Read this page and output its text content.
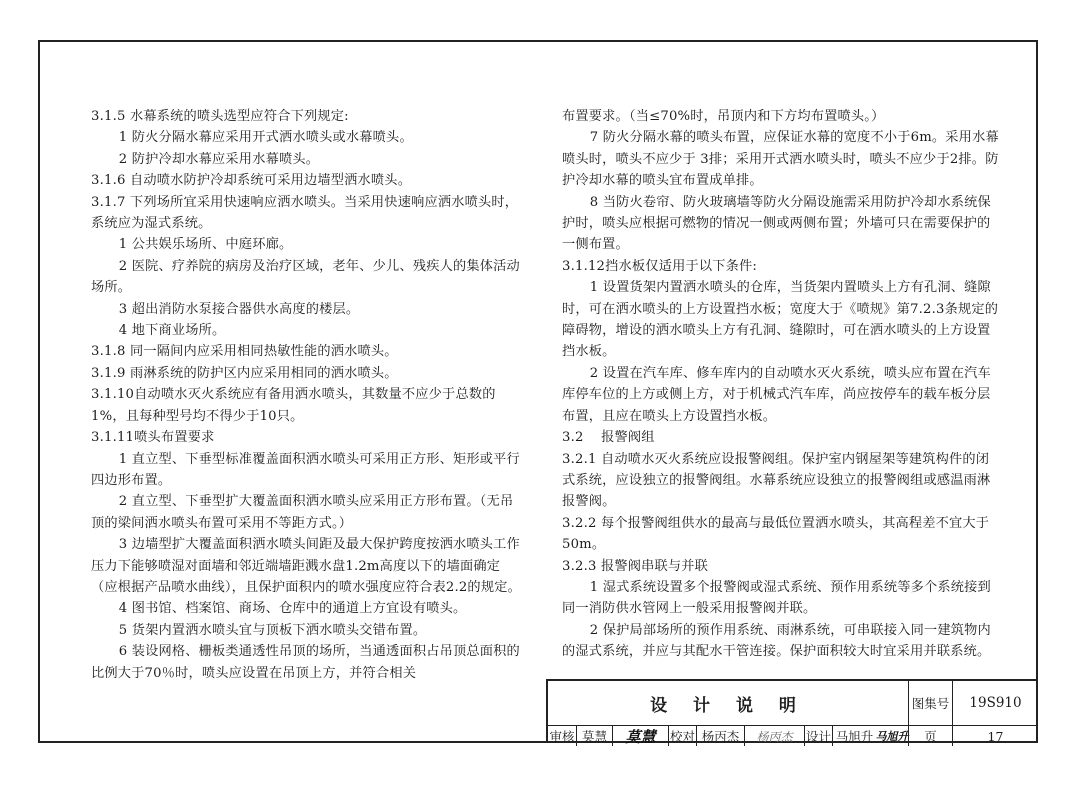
3.1.5 水幕系统的喷头选型应符合下列规定:

1 防火分隔水幕应采用开式洒水喷头或水幕喷头。

2 防护冷却水幕应采用水幕喷头。

3.1.6 自动喷水防护冷却系统可采用边墙型洒水喷头。

3.1.7 下列场所宜采用快速响应洒水喷头。当采用快速响应洒水喷头时，系统应为湿式系统。

1 公共娱乐场所、中庭环廊。

2 医院、疗养院的病房及治疗区域，老年、少儿、残疾人的集体活动场所。

3 超出消防水泵接合器供水高度的楼层。

4 地下商业场所。

3.1.8 同一隔间内应采用相同热敏性能的洒水喷头。

3.1.9 雨淋系统的防护区内应采用相同的洒水喷头。

3.1.10自动喷水灭火系统应有备用洒水喷头，其数量不应少于总数的1%，且每种型号均不得少于10只。

3.1.11喷头布置要求

1 直立型、下垂型标准覆盖面积洒水喷头可采用正方形、矩形或平行四边形布置。

2 直立型、下垂型扩大覆盖面积洒水喷头应采用正方形布置。（无吊顶的梁间洒水喷头布置可采用不等距方式。）

3 边墙型扩大覆盖面积洒水喷头间距及最大保护跨度按洒水喷头工作压力下能够喷湿对面墙和邻近端墙距溅水盘1.2m高度以下的墙面确定（应根据产品喷水曲线），且保护面积内的喷水强度应符合表2.2的规定。

4 图书馆、档案馆、商场、仓库中的通道上方宜设有喷头。

5 货架内置洒水喷头宜与顶板下洒水喷头交错布置。

6 装设网格、栅板类通透性吊顶的场所，当通透面积占吊顶总面积的比例大于70％时，喷头应设置在吊顶上方，并符合相关

布置要求。（当≤70%时，吊顶内和下方均布置喷头。）

7 防火分隔水幕的喷头布置，应保证水幕的宽度不小于6m。采用水幕喷头时，喷头不应少于 3排；采用开式洒水喷头时，喷头不应少于2排。防护冷却水幕的喷头宜布置成单排。

8 当防火卷帘、防火玻璃墙等防火分隔设施需采用防护冷却水系统保护时，喷头应根据可燃物的情况一侧或两侧布置；外墙可只在需要保护的一侧布置。

3.1.12挡水板仅适用于以下条件:

1 设置货架内置洒水喷头的仓库，当货架内置喷头上方有孔洞、缝隙时，可在洒水喷头的上方设置挡水板；宽度大于《喷规》第7.2.3条规定的障碍物，增设的洒水喷头上方有孔洞、缝隙时，可在洒水喷头的上方设置挡水板。

2 设置在汽车库、修车库内的自动喷水灭火系统，喷头应布置在汽车库停车位的上方或侧上方，对于机械式汽车库，尚应按停车的载车板分层布置，且应在喷头上方设置挡水板。

3.2    报警阀组

3.2.1 自动喷水灭火系统应设报警阀组。保护室内钢屋架等建筑构件的闭式系统，应设独立的报警阀组。水幕系统应设独立的报警阀组或感温雨淋报警阀。

3.2.2 每个报警阀组供水的最高与最低位置洒水喷头，其高程差不宜大于50m。

3.2.3 报警阀串联与并联

1 湿式系统设置多个报警阀或湿式系统、预作用系统等多个系统接到同一消防供水管网上一般采用报警阀并联。

2 保护局部场所的预作用系统、雨淋系统，可串联接入同一建筑物内的湿式系统，并应与其配水干管连接。保护面积较大时宜采用并联系统。

设 计 说 明	图集号	19S910
审核 莫慧	莫慧	校对 杨丙杰	杨丙杰	设计 马旭升 马旭升	页	17
